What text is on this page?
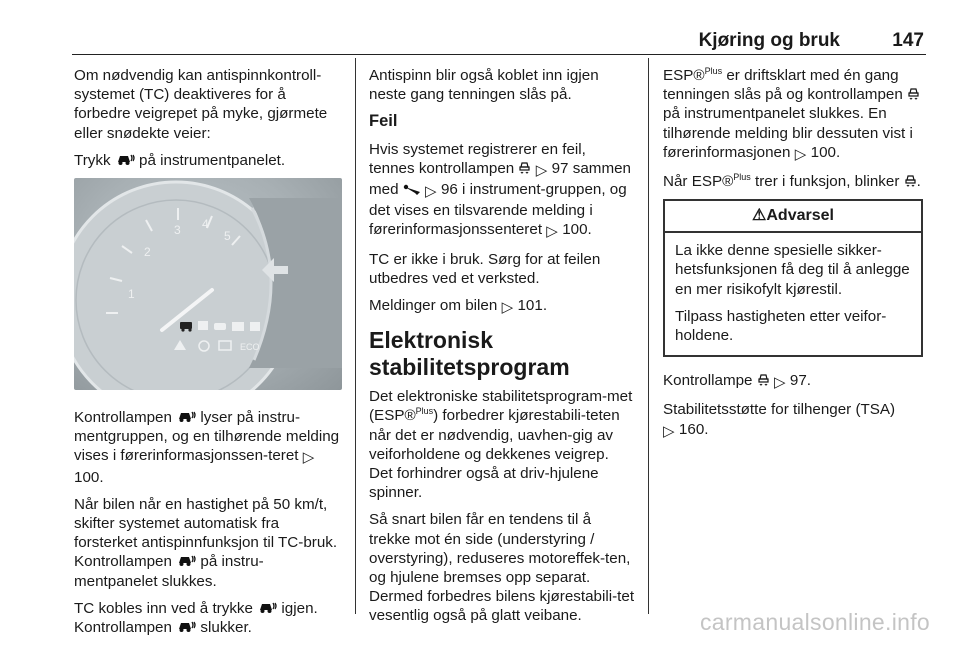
Kjøring og bruk	147

Om nødvendig kan antispinnkontroll-systemet (TC) deaktiveres for å forbedre veigrepet på myke, gjørmete eller snødekte veier:

Trykk på instrumentpanelet.

1
2
3 4
5
ECO

Kontrollampen lyser på instru-mentgruppen, og en tilhørende melding vises i førerinformasjonssen-teret ▷ 100.

Når bilen når en hastighet på 50 km/t, skifter systemet automatisk fra forsterket antispinnfunksjon til TC-bruk. Kontrollampen på instru-mentpanelet slukkes.

TC kobles inn ved å trykke igjen. Kontrollampen slukker.

Antispinn blir også koblet inn igjen neste gang tenningen slås på.

Feil

Hvis systemet registrerer en feil, tennes kontrollampen ▷ 97 sammen med ▷ 96 i instrument-gruppen, og det vises en tilsvarende melding i førerinformasjonssenteret ▷ 100.

TC er ikke i bruk. Sørg for at feilen utbedres ved et verksted.

Meldinger om bilen ▷ 101.

Elektronisk stabilitetsprogram

Det elektroniske stabilitetsprogram-met (ESP®$^{Plus}$) forbedrer kjørestabili-teten når det er nødvendig, uavhen-gig av veiforholdene og dekkenes veigrep. Det forhindrer også at driv-hjulene spinner.

Så snart bilen får en tendens til å trekke mot én side (understyring / overstyring), reduseres motoreffek-ten, og hjulene bremses opp separat. Dermed forbedres bilens kjørestabili-tet vesentlig også på glatt veibane.

ESP®$^{Plus}$ er driftsklart med én gang tenningen slås på og kontrollampen  på instrumentpanelet slukkes. En tilhørende melding blir dessuten vist i førerinformasjonen ▷ 100.

Når ESP®$^{Plus}$ trer i funksjon, blinker .

⚠Advarsel

La ikke denne spesielle sikker-hetsfunksjonen få deg til å anlegge en mer risikofylt kjørestil.

Tilpass hastigheten etter veifor-holdene.

Kontrollampe ▷ 97.

Stabilitetsstøtte for tilhenger (TSA)
▷ 160.

carmanualsonline.info
